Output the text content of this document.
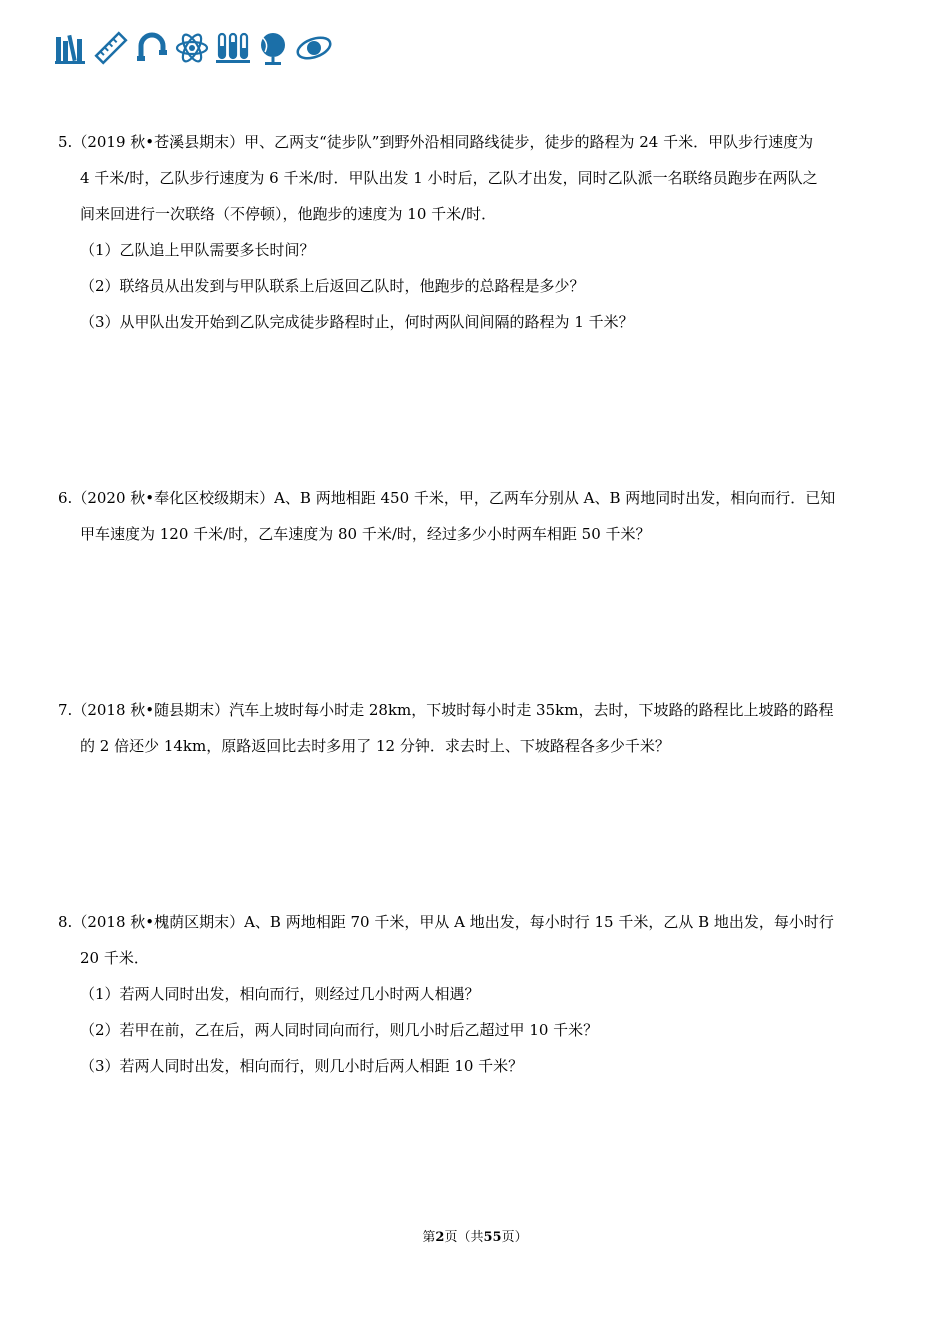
5.（2019 秋•苍溪县期末）甲、乙两支“徒步队”到野外沿相同路线徒步，徒步的路程为 24 千米．甲队步行速度为
4 千米/时，乙队步行速度为 6 千米/时．甲队出发 1 小时后，乙队才出发，同时乙队派一名联络员跑步在两队之
间来回进行一次联络（不停顿），他跑步的速度为 10 千米/时．
（1）乙队追上甲队需要多长时间？
（2）联络员从出发到与甲队联系上后返回乙队时，他跑步的总路程是多少？
（3）从甲队出发开始到乙队完成徒步路程时止，何时两队间间隔的路程为 1 千米？
6.（2020 秋•奉化区校级期末）A、B 两地相距 450 千米，甲，乙两车分别从 A、B 两地同时出发，相向而行．已知
甲车速度为 120 千米/时，乙车速度为 80 千米/时，经过多少小时两车相距 50 千米？
7.（2018 秋•随县期末）汽车上坡时每小时走 28km，下坡时每小时走 35km，去时，下坡路的路程比上坡路的路程
的 2 倍还少 14km，原路返回比去时多用了 12 分钟．求去时上、下坡路程各多少千米？
8.（2018 秋•槐荫区期末）A、B 两地相距 70 千米，甲从 A 地出发，每小时行 15 千米，乙从 B 地出发，每小时行
20 千米．
（1）若两人同时出发，相向而行，则经过几小时两人相遇？
（2）若甲在前，乙在后，两人同时同向而行，则几小时后乙超过甲 10 千米？
（3）若两人同时出发，相向而行，则几小时后两人相距 10 千米？
第2页（共55页）
